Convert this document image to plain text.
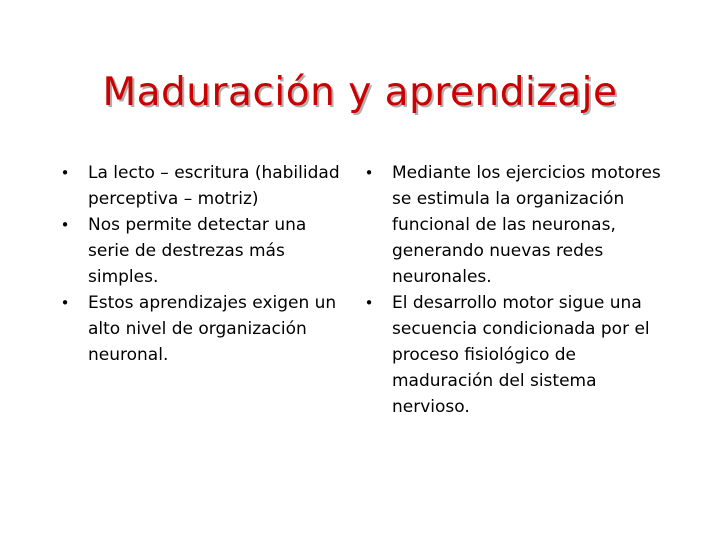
Maduración y aprendizaje
• La lecto – escritura (habilidad perceptiva – motriz)
• Nos permite detectar una serie de destrezas más simples.
• Estos aprendizajes exigen un alto nivel de organización neuronal.
• Mediante los ejercicios motores se estimula la organización funcional de las neuronas, generando nuevas redes neuronales.
• El desarrollo motor sigue una secuencia condicionada por el proceso fisiológico de maduración del sistema nervioso.
